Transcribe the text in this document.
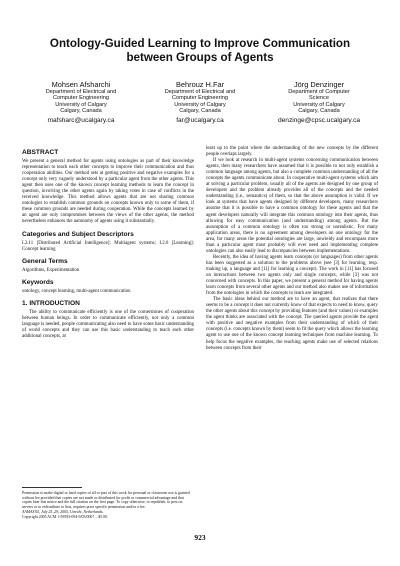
Ontology-Guided Learning to Improve Communication
between Groups of Agents
Mohsen Afsharchi
Department of Electrical and
Computer Engineering
University of Calgary
Calgary, Canada
mafsharc@ucalgary.ca
Behrouz H.Far
Department of Electrical and
Computer Engineering
University of Calgary
Calgary, Canada
far@ucalgary.ca
Jörg Denzinger
Department of Computer
Science
University of Calgary
Calgary, Canada
denzinge@cpsc.ucalgary.ca
ABSTRACT

We present a general method for agents using ontologies as part of their knowledge representation to teach each other concepts to improve their communication and thus cooperation abilities. Our method sets at getting positive and negative examples for a concept only very vaguely understood by a particular agent from the other agents. This agent then uses one of the known concept learning methods to learn the concept in question, involving the other agents again by taking votes in case of conflicts in the received knowledge. This method allows agents that are not sharing common ontologies to establish common grounds on concepts known only to some of them, if these common grounds are needed during cooperation. While the concepts learned by an agent are only compromises between the views of the other agents, the method nevertheless enhances the autonomy of agents using it substantially.

Categories and Subject Descriptors

I.2.11 [Distributed Artificial Intelligence]: Multiagent systems; I.2.6 [Learning]: Concept learning

General Terms

Algorithms, Experimentation

Keywords

ontology, concept learning, multi-agent communication

1. INTRODUCTION

The ability to communicate efficiently is one of the cornerstones of cooperation between human beings. In order to communicate efficiently, not only a common language is needed, people communicating also need to have some basic understanding of world concepts and they can use this basic understanding to teach each other additional concepts, at

Permission to make digital or hard copies of all or part of this work for personal or classroom use is granted without fee provided that copies are not made or distributed for profit or commercial advantage and that copies bear this notice and the full citation on the first page. To copy otherwise, to republish, to post on servers or to redistribute to lists, requires prior specific permission and/or a fee.
AAMAS'05, July 25–29, 2005, Utrecht, Netherlands.
Copyright 2005 ACM 1-59593-094-9/05/0007 ...$5.00.

least up to the point where the understanding of the new concepts by the different people overlaps largely.

If we look at research in multi-agent systems concerning communication between agents, then many researchers have assumed that it is possible to not only establish a common language among agents, but also a complete common understanding of all the concepts the agents communicate about. In cooperative multi-agent systems which aim at solving a particular problem, usually all of the agents are designed by one group of developers and the problem already provides all of the concepts and the needed understanding (i.e., semantics) of them, so that the above assumption is valid. If we look at systems that have agents designed by different developers, many researchers assume that it is possible to have a common ontology for these agents and that the agent developers naturally will integrate this common ontology into their agents, thus allowing for easy communication (and understanding) among agents. But the assumption of a common ontology is often too strong or unrealistic. For many application areas, there is no agreement among developers on one ontology for the area, for many areas the potential ontologies are large, unwieldy and encompass more than a particular agent most probably will ever need and implementing complete ontologies can also easily lead to discrepancies between implementations.

Recently, the idea of having agents learn concepts (or languages) from other agents has been suggested as a solution to the problems above (see [3] for learning, resp. making up, a language and [11] for learning a concept). The work in [11] has focused on interactions between two agents only and single concepts, while [3] was not concerned with concepts. In this paper, we present a general method for having agents learn concepts from several other agents and our method also makes use of information from the ontologies in which the concepts to learn are integrated.

The basic ideas behind our method are to have an agent, that realizes that there seems to be a concept it does not currently know of that expects to need to know, query the other agents about this concept by providing features (and their values) or examples the agent thinks are associated with the concept. The queried agents provide the agent with positive and negative examples from their understanding of which of their concepts (i.e. concepts known by them) seem to fit the query which allows the learning agent to use one of the known concept learning techniques from machine learning. To help focus the negative examples, the teaching agents make use of selected relations between concepts from their

923
